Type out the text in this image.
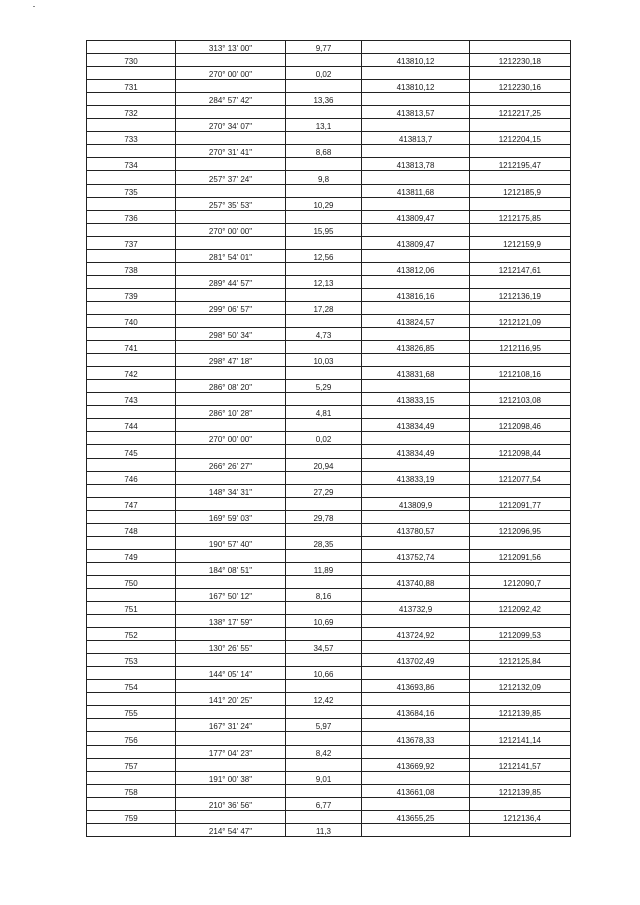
	313° 13' 00"	9,77		
730			413810,12	1212230,18
	270° 00' 00"	0,02		
731			413810,12	1212230,16
	284° 57' 42"	13,36		
732			413813,57	1212217,25
	270° 34' 07"	13,1		
733			413813,7	1212204,15
	270° 31' 41"	8,68		
734			413813,78	1212195,47
	257° 37' 24"	9,8		
735			413811,68	1212185,9
	257° 35' 53"	10,29		
736			413809,47	1212175,85
	270° 00' 00"	15,95		
737			413809,47	1212159,9
	281° 54' 01"	12,56		
738			413812,06	1212147,61
	289° 44' 57"	12,13		
739			413816,16	1212136,19
	299° 06' 57"	17,28		
740			413824,57	1212121,09
	298° 50' 34"	4,73		
741			413826,85	1212116,95
	298° 47' 18"	10,03		
742			413831,68	1212108,16
	286° 08' 20"	5,29		
743			413833,15	1212103,08
	286° 10' 28"	4,81		
744			413834,49	1212098,46
	270° 00' 00"	0,02		
745			413834,49	1212098,44
	266° 26' 27"	20,94		
746			413833,19	1212077,54
	148° 34' 31"	27,29		
747			413809,9	1212091,77
	169° 59' 03"	29,78		
748			413780,57	1212096,95
	190° 57' 40"	28,35		
749			413752,74	1212091,56
	184° 08' 51"	11,89		
750			413740,88	1212090,7
	167° 50' 12"	8,16		
751			413732,9	1212092,42
	138° 17' 59"	10,69		
752			413724,92	1212099,53
	130° 26' 55"	34,57		
753			413702,49	1212125,84
	144° 05' 14"	10,66		
754			413693,86	1212132,09
	141° 20' 25"	12,42		
755			413684,16	1212139,85
	167° 31' 24"	5,97		
756			413678,33	1212141,14
	177° 04' 23"	8,42		
757			413669,92	1212141,57
	191° 00' 38"	9,01		
758			413661,08	1212139,85
	210° 36' 56"	6,77		
759			413655,25	1212136,4
	214° 54' 47"	11,3		
